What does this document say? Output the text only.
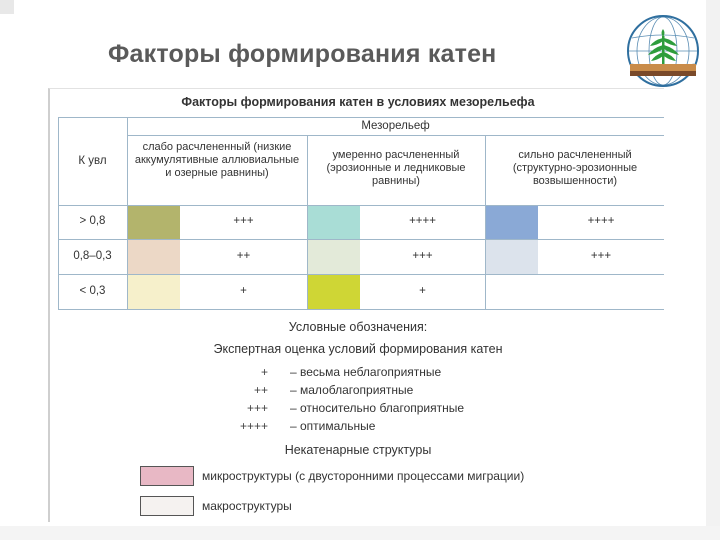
Факторы формирования катен
Факторы формирования катен в условиях мезорельефа
К увл
Мезорельеф
слабо расчлененный (низкие аккумулятивные аллювиальные и озерные равнины)
умеренно расчлененный (эрозионные и ледниковые равнины)
сильно расчлененный (структурно-эрозионные возвышенности)
> 0,8	+++	++++	++++
0,8–0,3	++	+++	+++
< 0,3	+	+
Условные обозначения:
Экспертная оценка условий формирования катен
+ – весьма неблагоприятные
++ – малоблагоприятные
+++ – относительно благоприятные
++++ – оптимальные
Некатенарные структуры
микроструктуры (с двусторонними процессами миграции)
макроструктуры
